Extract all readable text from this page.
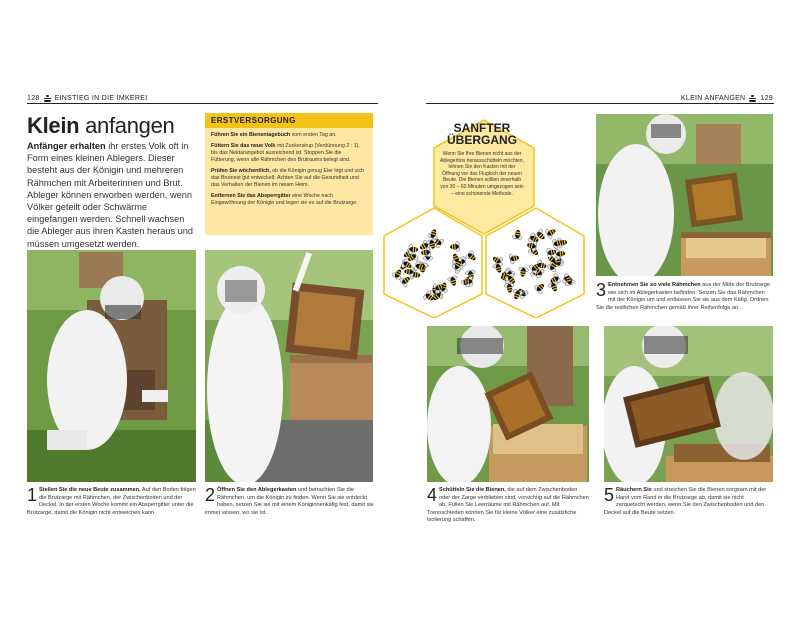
128 EINSTIEG IN DIE IMKEREI	KLEIN ANFANGEN 129
Klein anfangen
Anfänger erhalten ihr erstes Volk oft in Form eines kleinen Ablegers. Dieser besteht aus der Königin und mehreren Rähmchen mit Arbeiterinnen und Brut. Ableger können erworben werden, wenn Völker geteilt oder Schwärme eingefangen werden. Schnell wachsen die Ableger aus ihren Kasten heraus und müssen umgesetzt werden.
ERSTVERSORGUNG

Führen Sie ein Bienentagebuch vom ersten Tag an.

Füttern Sie das neue Volk mit Zuckersirup (Verdünnung 2 : 1), bis das Nektarangebot ausreichend ist. Stoppen Sie die Fütterung, wenn alle Rähmchen des Brutraums belegt sind.

Prüfen Sie wöchentlich, ob die Königin genug Eier legt und sich das Brutnest gut entwickelt. Achten Sie auf die Gesundheit und das Verhalten der Bienen im neuen Heim.

Entfernen Sie das Absperrgitter eine Woche nach Eingewöhnung der Königin und legen sie es auf die Brutzarge.

SANFTER
ÜBERGANG
Wenn Sie Ihre Bienen nicht aus der Ablegerbox herausschütteln möchten, lehnen Sie den Kasten mit der Öffnung vor das Flugloch der neuen Beute. Die Bienen sollten innerhalb von 30 – 60 Minuten umgezogen sein – eine schonende Methode.
1 Stellen Sie die neue Beute zusammen. Auf den Boden folgen die Brutzarge mit Rähmchen, der Zwischenboden und der Deckel. In der ersten Woche kommt ein Absperrgitter unter die Brutzarge, damit die Königin nicht entweichen kann.
2 Öffnen Sie den Ablegerkasten und betrachten Sie die Rähmchen, um die Königin zu finden. Wenn Sie sie entdeckt haben, setzen Sie sie mit einem Königinnenkäfig fest, damit sie immer wissen, wo sie ist.
3 Entnehmen Sie so viele Rähmchen aus der Mitte der Brutzarge wie sich im Ablegerkasten befinden. Setzen Sie das Rähmchen mit der Königin um und entlassen Sie sie aus dem Käfig. Ordnen Sie die restlichen Rähmchen gemäß ihrer Reihenfolge an.
4 Schütteln Sie die Bienen, die auf dem Zwischenboden oder der Zarge verblieben sind, vorsichtig auf die Rähmchen ab. Füllen Sie Leerräume mit Rähmchen auf. Mit Trennschieden können Sie für kleine Völker eine zusätzliche Isolierung schaffen.
5 Räuchern Sie und streichen Sie die Bienen sorgsam mit der Hand vom Rand in die Brutzarge ab, damit sie nicht zerquetscht werden, wenn Sie den Zwischenboden und den Deckel auf die Beute setzen.
